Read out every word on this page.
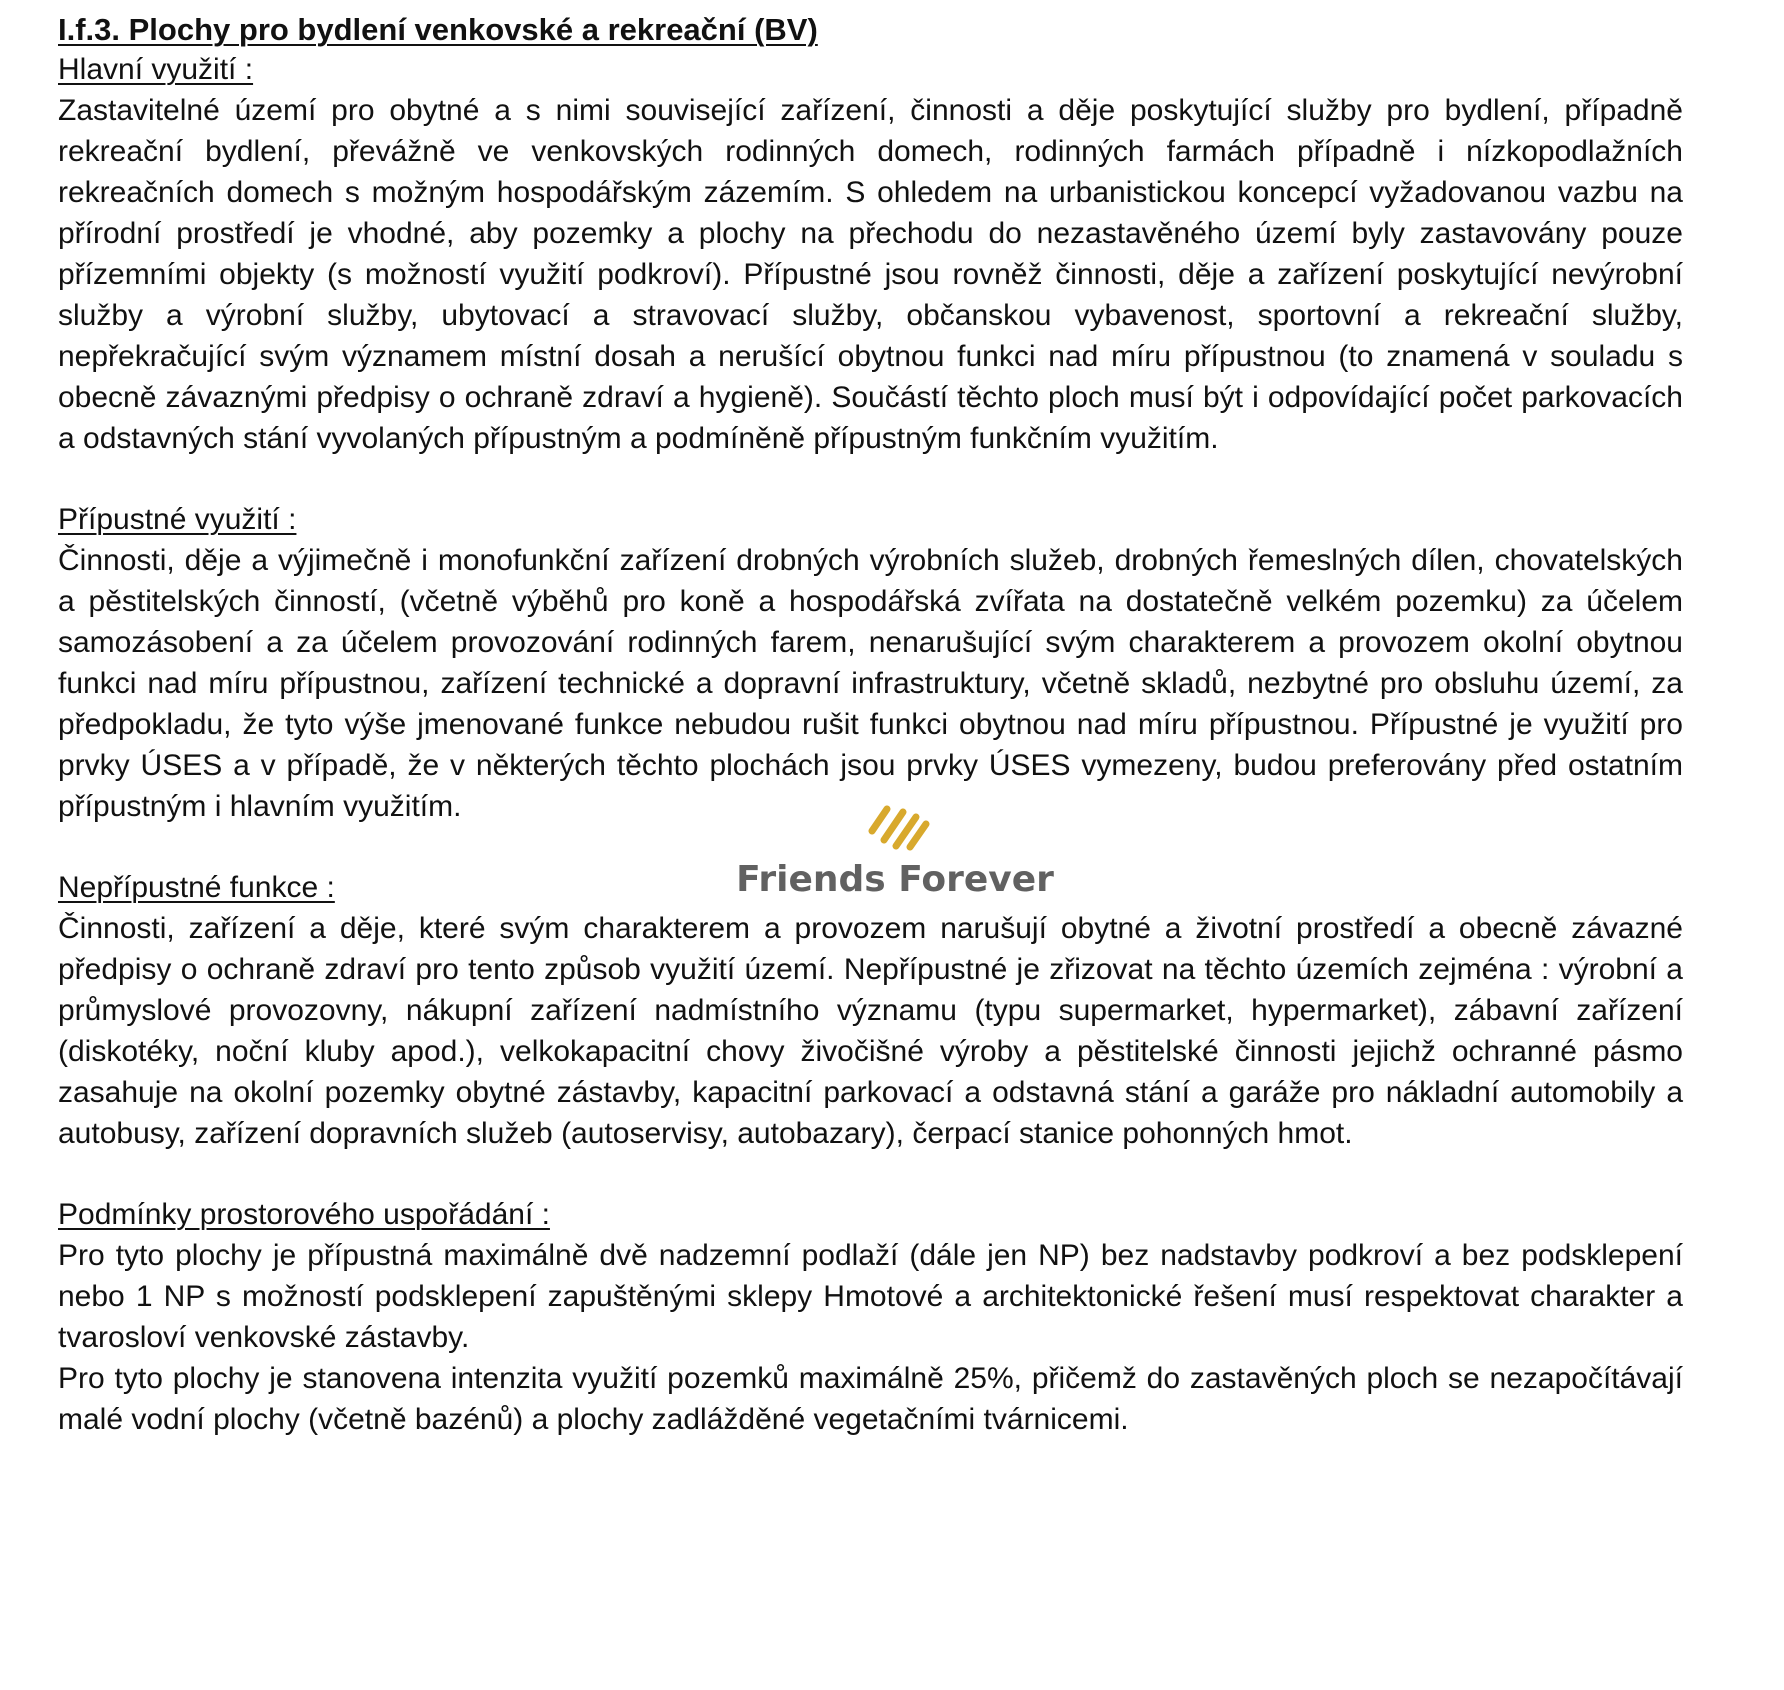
I.f.3. Plochy pro bydlení venkovské a rekreační (BV)
Hlavní využití :

Zastavitelné území pro obytné a s nimi související zařízení, činnosti a děje poskytující služby pro bydlení, případně rekreační bydlení, převážně ve venkovských rodinných domech, rodinných farmách případně i nízkopodlažních rekreačních domech s možným hospodářským zázemím. S ohledem na urbanistickou koncepcí vyžadovanou vazbu na přírodní prostředí je vhodné, aby pozemky a plochy na přechodu do nezastavěného území byly zastavovány pouze přízemními objekty (s možností využití podkroví). Přípustné jsou rovněž činnosti, děje a zařízení poskytující nevýrobní služby a výrobní služby, ubytovací a stravovací služby, občanskou vybavenost, sportovní a rekreační služby, nepřekračující svým významem místní dosah a nerušící obytnou funkci nad míru přípustnou (to znamená v souladu s obecně závaznými předpisy o ochraně zdraví a hygieně). Součástí těchto ploch musí být i odpovídající počet parkovacích a odstavných stání vyvolaných přípustným a podmíněně přípustným funkčním využitím.

Přípustné využití :

Činnosti, děje a výjimečně i monofunkční zařízení drobných výrobních služeb, drobných řemeslných dílen, chovatelských a pěstitelských činností, (včetně výběhů pro koně a hospodářská zvířata na dostatečně velkém pozemku) za účelem samozásobení a za účelem provozování rodinných farem, nenarušující svým charakterem a provozem okolní obytnou funkci nad míru přípustnou, zařízení technické a dopravní infrastruktury, včetně skladů, nezbytné pro obsluhu území, za předpokladu, že tyto výše jmenované funkce nebudou rušit funkci obytnou nad míru přípustnou. Přípustné je využití pro prvky ÚSES a v případě, že v některých těchto plochách jsou prvky ÚSES vymezeny, budou preferovány před ostatním přípustným i hlavním využitím.

Nepřípustné funkce :

Činnosti, zařízení a děje, které svým charakterem a provozem narušují obytné a životní prostředí a obecně závazné předpisy o ochraně zdraví pro tento způsob využití území. Nepřípustné je zřizovat na těchto územích zejména : výrobní a průmyslové provozovny, nákupní zařízení nadmístního významu (typu supermarket, hypermarket), zábavní zařízení (diskotéky, noční kluby apod.), velkokapacitní chovy živočišné výroby a pěstitelské činnosti jejichž ochranné pásmo zasahuje na okolní pozemky obytné zástavby, kapacitní parkovací a odstavná stání a garáže pro nákladní automobily a autobusy, zařízení dopravních služeb (autoservisy, autobazary), čerpací stanice pohonných hmot.

Podmínky prostorového uspořádání :

Pro tyto plochy je přípustná maximálně dvě nadzemní podlaží (dále jen NP) bez nadstavby podkroví a bez podsklepení nebo 1 NP s možností podsklepení zapuštěnými sklepy Hmotové a architektonické řešení musí respektovat charakter a tvarosloví venkovské zástavby.

Pro tyto plochy je stanovena intenzita využití pozemků maximálně 25%, přičemž do zastavěných ploch se nezapočítávají malé vodní plochy (včetně bazénů) a plochy zadlážděné vegetačními tvárnicemi.

Friends Forever
